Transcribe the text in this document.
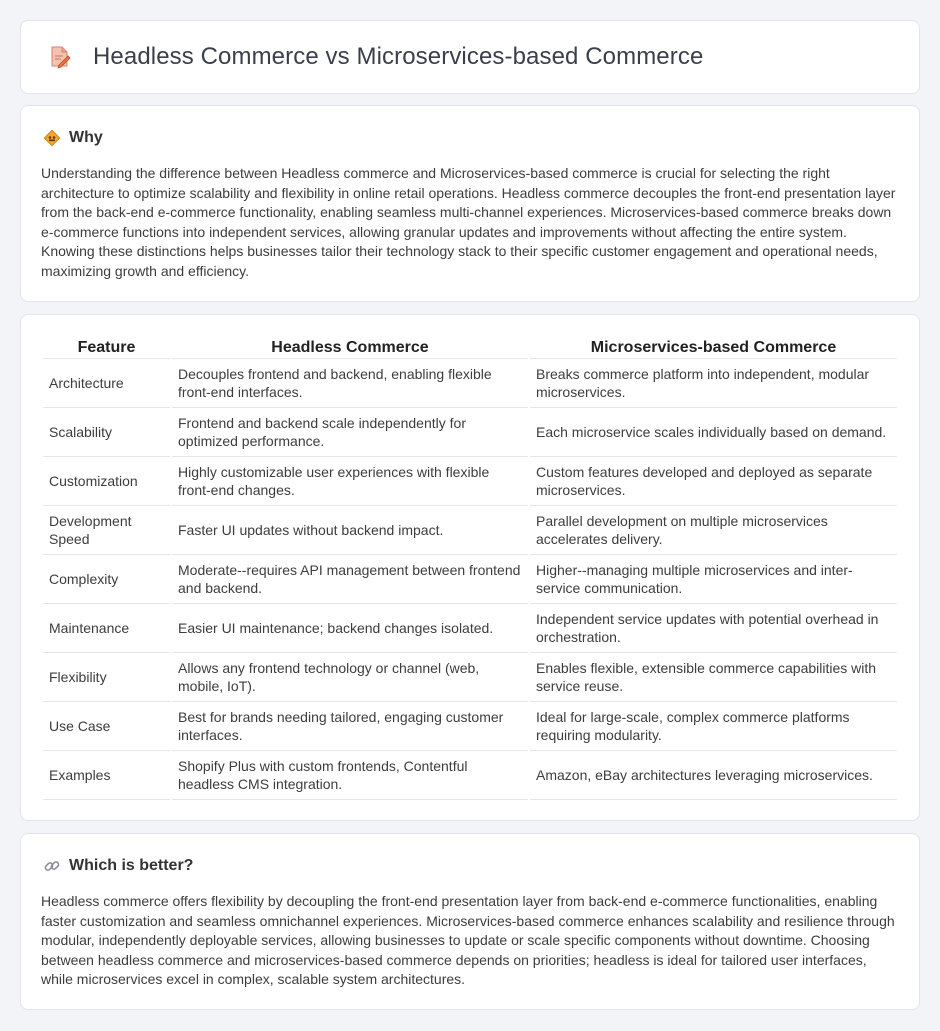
Headless Commerce vs Microservices-based Commerce
Why

Understanding the difference between Headless commerce and Microservices-based commerce is crucial for selecting the right architecture to optimize scalability and flexibility in online retail operations. Headless commerce decouples the front-end presentation layer from the back-end e-commerce functionality, enabling seamless multi-channel experiences. Microservices-based commerce breaks down e-commerce functions into independent services, allowing granular updates and improvements without affecting the entire system. Knowing these distinctions helps businesses tailor their technology stack to their specific customer engagement and operational needs, maximizing growth and efficiency.

Feature	Headless Commerce	Microservices-based Commerce
Architecture	Decouples frontend and backend, enabling flexible front-end interfaces.	Breaks commerce platform into independent, modular microservices.
Scalability	Frontend and backend scale independently for optimized performance.	Each microservice scales individually based on demand.
Customization	Highly customizable user experiences with flexible front-end changes.	Custom features developed and deployed as separate microservices.
Development Speed	Faster UI updates without backend impact.	Parallel development on multiple microservices accelerates delivery.
Complexity	Moderate--requires API management between frontend and backend.	Higher--managing multiple microservices and inter-service communication.
Maintenance	Easier UI maintenance; backend changes isolated.	Independent service updates with potential overhead in orchestration.
Flexibility	Allows any frontend technology or channel (web, mobile, IoT).	Enables flexible, extensible commerce capabilities with service reuse.
Use Case	Best for brands needing tailored, engaging customer interfaces.	Ideal for large-scale, complex commerce platforms requiring modularity.
Examples	Shopify Plus with custom frontends, Contentful headless CMS integration.	Amazon, eBay architectures leveraging microservices.
Which is better?

Headless commerce offers flexibility by decoupling the front-end presentation layer from back-end e-commerce functionalities, enabling faster customization and seamless omnichannel experiences. Microservices-based commerce enhances scalability and resilience through modular, independently deployable services, allowing businesses to update or scale specific components without downtime. Choosing between headless commerce and microservices-based commerce depends on priorities; headless is ideal for tailored user interfaces, while microservices excel in complex, scalable system architectures.
